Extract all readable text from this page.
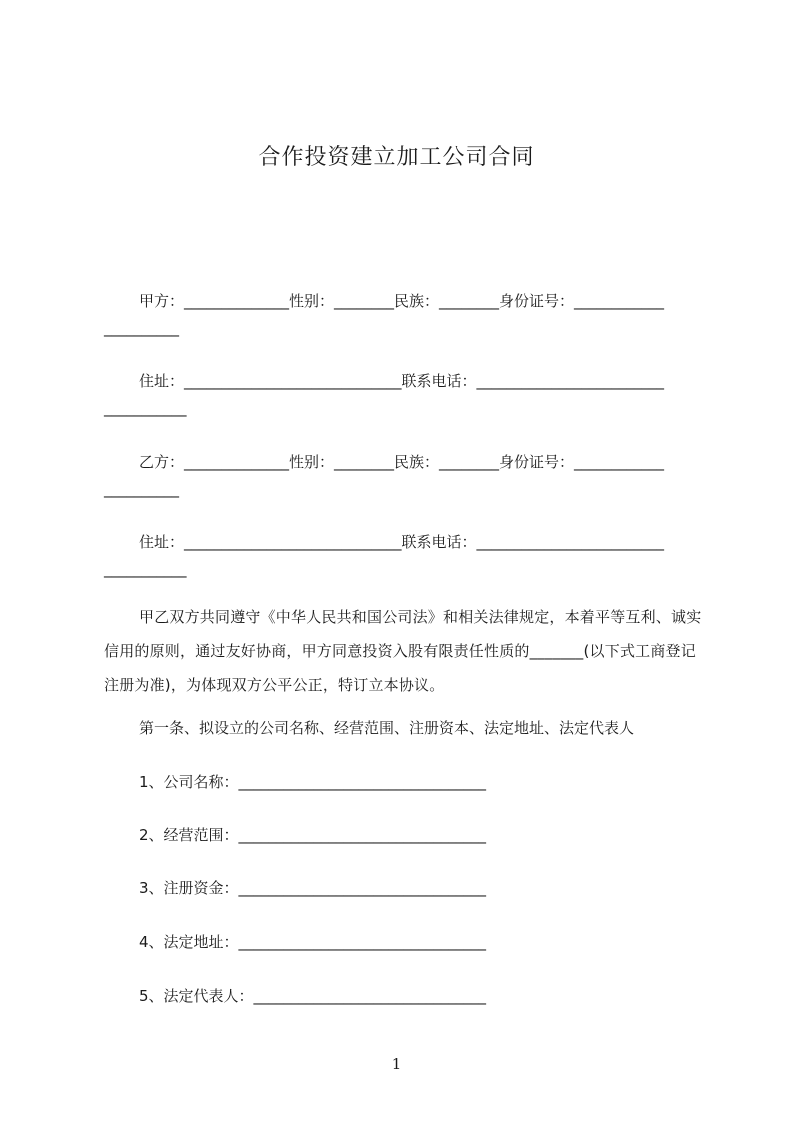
合作投资建立加工公司合同
甲方：______________性别：________民族：________身份证号：____________
__________
住址：_____________________________联系电话：_________________________
___________
乙方：______________性别：________民族：________身份证号：____________
__________
住址：_____________________________联系电话：_________________________
___________

甲乙双方共同遵守《中华人民共和国公司法》和相关法律规定，本着平等互利、诚实信用的原则，通过友好协商，甲方同意投资入股有限责任性质的_______(以下式工商登记注册为准)，为体现双方公平公正，特订立本协议。

第一条、拟设立的公司名称、经营范围、注册资本、法定地址、法定代表人
1、公司名称：_________________________________
2、经营范围：_________________________________
3、注册资金：_________________________________
4、法定地址：_________________________________
5、法定代表人：_______________________________
1
